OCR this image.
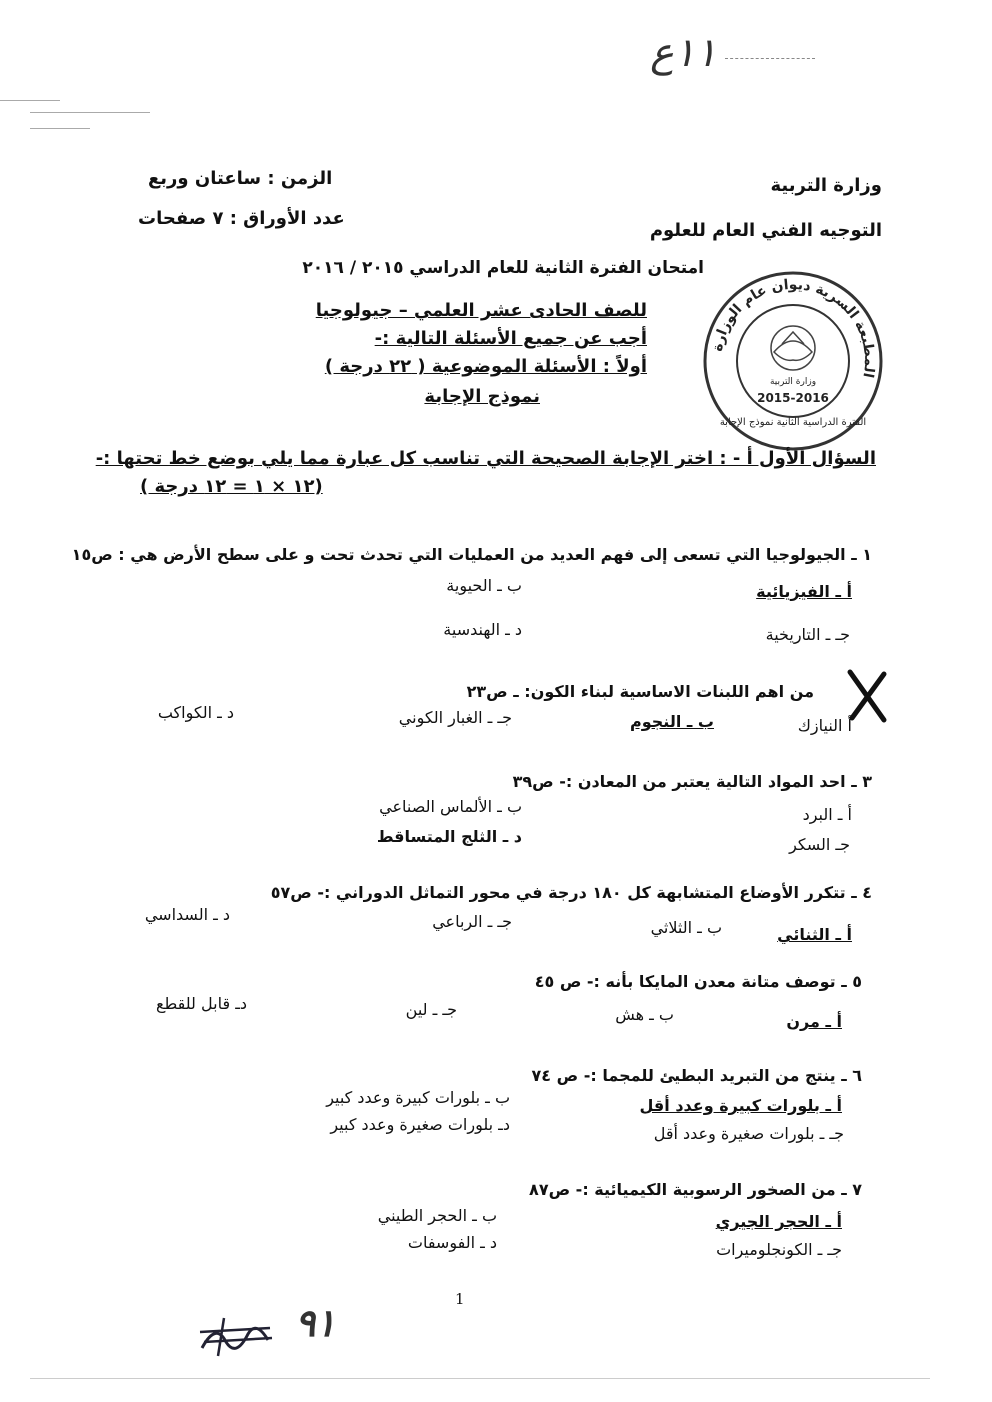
١١ع
وزارة التربية
التوجيه الفني العام للعلوم
الزمن : ساعتان وربع
عدد الأوراق : ٧ صفحات
امتحان الفترة الثانية للعام الدراسي ٢٠١٥ / ٢٠١٦
للصف الحادى عشر العلمي – جيولوجيا
أجب عن جميع الأسئلة التالية :-
أولاً : الأسئلة الموضوعية ( ٢٢ درجة )
نموذج الإجابة
المطبعة السرية ديوان عام الوزارة
الفترة الدراسية الثانية نموذج الإجابة
وزارة التربية
2015-2016
السؤال الأول أ - : اختر الإجابة الصحيحة التي تناسب كل عبارة مما يلي بوضع خط تحتها :-
(١٢ × ١ = ١٢ درجة )
١ ـ الجيولوجيا التي تسعى إلى فهم العديد من العمليات التي تحدث تحت و على سطح الأرض هي : ص١٥
أ ـ الفيزيائية
ب ـ الحيوية
جـ ـ التاريخية
د ـ الهندسية
من اهم اللبنات الاساسية لبناء الكون: ـ ص٢٣
أ النيازك
ب ـ النجوم
جـ ـ الغبار الكوني
د ـ الكواكب
٣ ـ احد المواد التالية يعتبر من المعادن :- ص٣٩
أ ـ البرد
ب ـ الألماس الصناعي
جـ السكر
د ـ الثلج المتساقط
٤ ـ تتكرر الأوضاع المتشابهة كل ١٨٠ درجة في محور التماثل الدوراني :- ص٥٧
أ ـ الثنائي
ب ـ الثلاثي
جـ ـ الرباعي
د ـ السداسي
٥ ـ توصف متانة معدن المايكا بأنه :- ص ٤٥
أ ـ مرن
ب ـ هش
جـ ـ لين
دـ قابل للقطع
٦ ـ ينتج من التبريد البطيئ للمجما :- ص ٧٤
أ ـ بلورات كبيرة وعدد أقل
ب ـ بلورات كبيرة وعدد كبير
جـ ـ بلورات صغيرة وعدد أقل
دـ بلورات صغيرة وعدد كبير
٧ ـ من الصخور الرسوبية الكيميائية :- ص٨٧
أ ـ الحجر الجيري
ب ـ الحجر الطيني
جـ ـ الكونجلوميرات
د ـ الفوسفات
1
٩١
